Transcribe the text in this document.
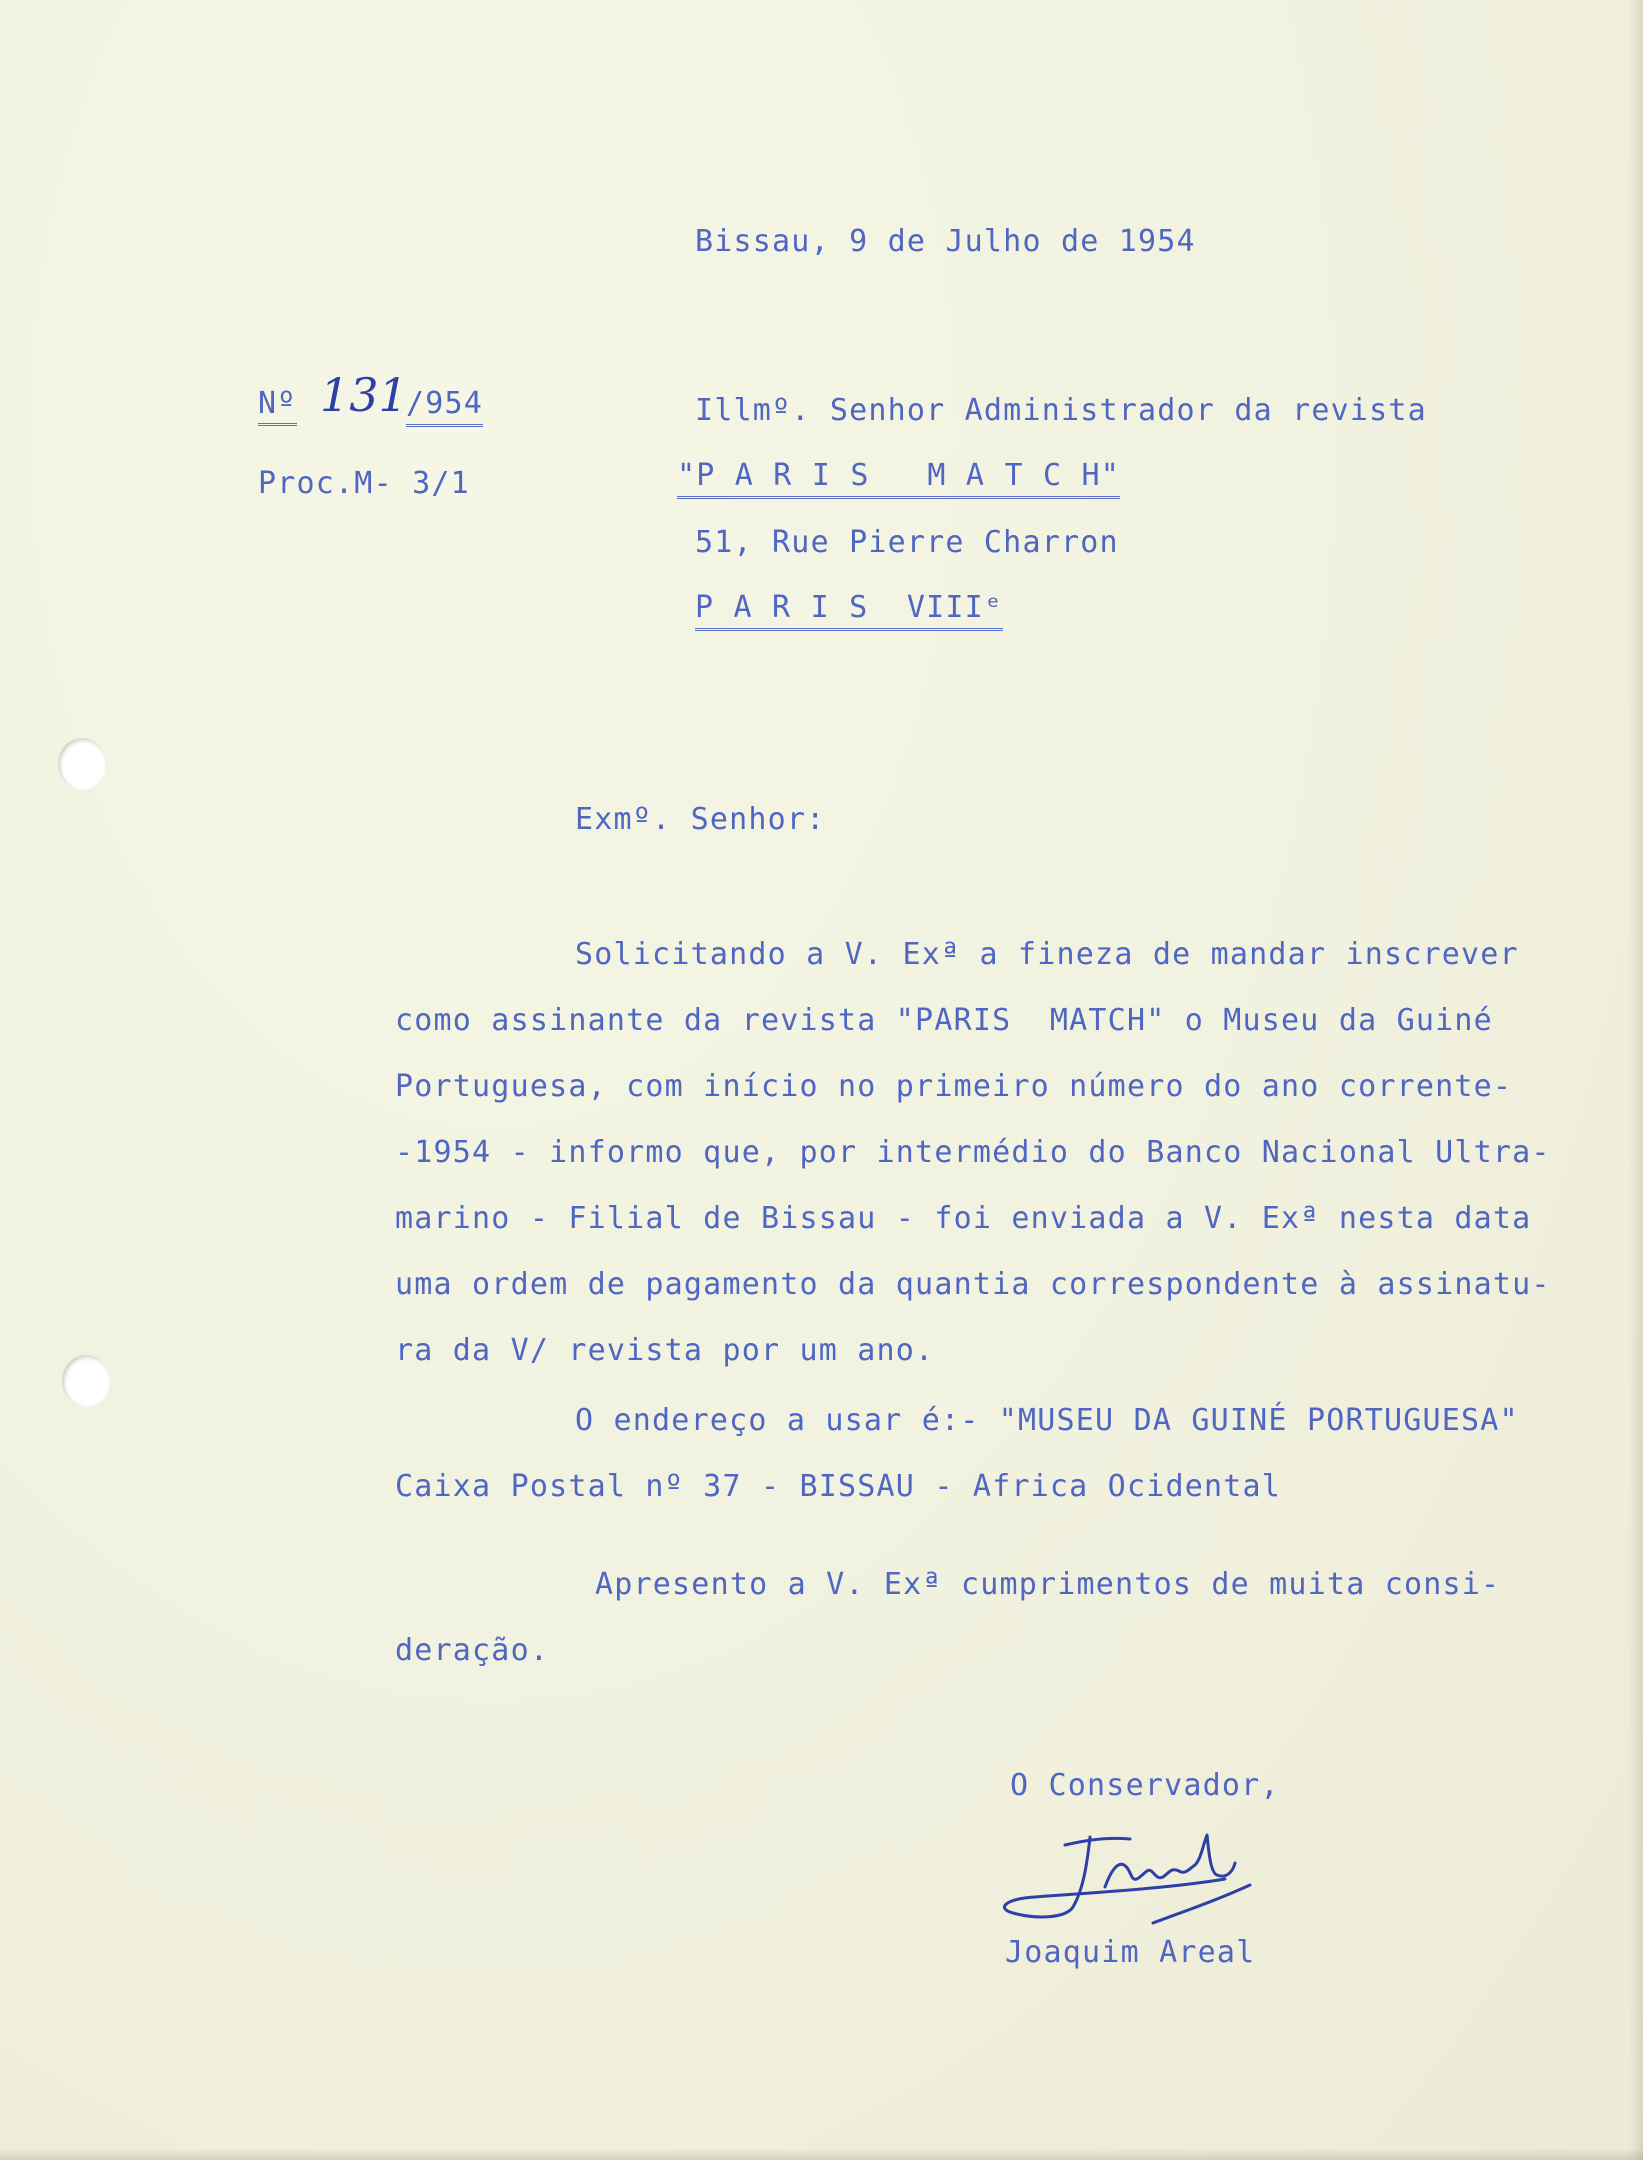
Bissau, 9 de Julho de 1954

Nº 131
/954

Proc.M- 3/1

Illmº. Senhor Administrador da revista

"P A R I S   M A T C H"

51, Rue Pierre Charron

P A R I S  VIIIᵉ

Exmº. Senhor:

Solicitando a V. Exª a fineza de mandar inscrever

como assinante da revista "PARIS  MATCH" o Museu da Guiné

Portuguesa, com início no primeiro número do ano corrente-

-1954 - informo que, por intermédio do Banco Nacional Ultra-

marino - Filial de Bissau - foi enviada a V. Exª nesta data

uma ordem de pagamento da quantia correspondente à assinatu-

ra da V/ revista por um ano.

O endereço a usar é:- "MUSEU DA GUINÉ PORTUGUESA"

Caixa Postal nº 37 - BISSAU - Africa Ocidental

Apresento a V. Exª cumprimentos de muita consi-

deração.

O Conservador,

Joaquim Areal
